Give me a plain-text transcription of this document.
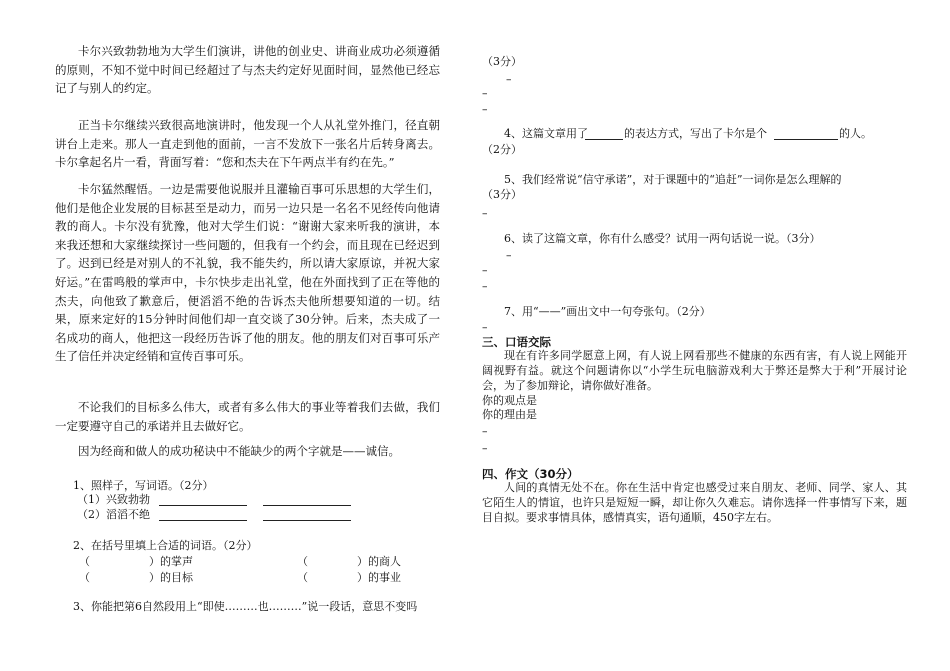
卡尔兴致勃勃地为大学生们演讲，讲他的创业史、讲商业成功必须遵循的原则，不知不觉中时间已经超过了与杰夫约定好见面时间，显然他已经忘记了与别人的约定。

正当卡尔继续兴致很高地演讲时，他发现一个人从礼堂外推门，径直朝讲台上走来。那人一直走到他的面前，一言不发放下一张名片后转身离去。卡尔拿起名片一看，背面写着：“您和杰夫在下午两点半有约在先。”

卡尔猛然醒悟。一边是需要他说服并且灌输百事可乐思想的大学生们，他们是他企业发展的目标甚至是动力，而另一边只是一名名不见经传向他请教的商人。卡尔没有犹豫，他对大学生们说：“谢谢大家来听我的演讲，本来我还想和大家继续探讨一些问题的，但我有一个约会，而且现在已经迟到了。迟到已经是对别人的不礼貌，我不能失约，所以请大家原谅，并祝大家好运。”在雷鸣般的掌声中，卡尔快步走出礼堂，他在外面找到了正在等他的杰夫，向他致了歉意后，便滔滔不绝的告诉杰夫他所想要知道的一切。结果，原来定好的15分钟时间他们却一直交谈了30分钟。后来，杰夫成了一名成功的商人，他把这一段经历告诉了他的朋友。他的朋友们对百事可乐产生了信任并决定经销和宣传百事可乐。

不论我们的目标多么伟大，或者有多么伟大的事业等着我们去做，我们一定要遵守自己的承诺并且去做好它。

因为经商和做人的成功秘诀中不能缺少的两个字就是——诚信。

1、照样子，写词语。（2分）

（1）兴致勃勃

（2）滔滔不绝

2、在括号里填上合适的词语。（2分）

（	）的掌声	（	）的商人

（	）的目标	（	）的事业

3、你能把第6自然段用上“即使………也………”说一段话，意思不变吗

（3分）

–
–
–

4、这篇文章用了	的表达方式，写出了卡尔是个	的人。

（2分）

5、我们经常说“信守承诺”，对于课题中的“追赶”一词你是怎么理解的

（3分）

–

6、读了这篇文章，你有什么感受？试用一两句话说一说。（3分）

–
–
–

7、用“——”画出文中一句夸张句。（2分）

–

三、口语交际

现在有许多同学愿意上网，有人说上网看那些不健康的东西有害，有人说上网能开阔视野有益。就这个问题请你以“小学生玩电脑游戏利大于弊还是弊大于利”开展讨论会，为了参加辩论，请你做好准备。

你的观点是

你的理由是

–
–

四、作文（30分）

人间的真情无处不在。你在生活中肯定也感受过来自朋友、老师、同学、家人、其它陌生人的情谊，也许只是短短一瞬，却让你久久难忘。请你选择一件事情写下来，题目自拟。要求事情具体，感情真实，语句通顺，450字左右。
